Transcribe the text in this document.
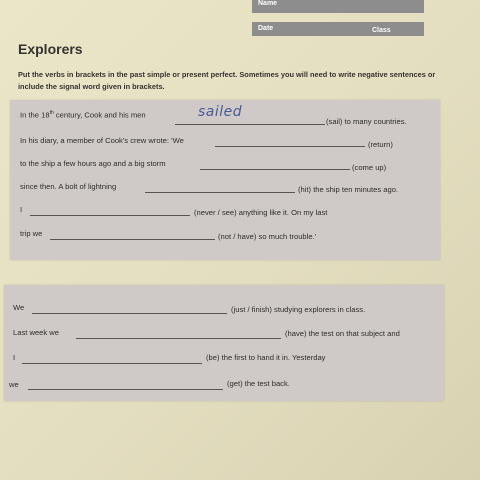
Name
Date	Class
Explorers
Put the verbs in brackets in the past simple or present perfect. Sometimes you will need to write negative sentences or include the signal word given in brackets.
In the 18th century, Cook and his men	sailed
(sail) to many countries.
In his diary, a member of Cook's crew wrote: 'We	(return)
to the ship a few hours ago and a big storm	(come up)
since then. A bolt of lightning	(hit) the ship ten minutes ago.
I	(never / see) anything like it. On my last
trip we	(not / have) so much trouble.'
We	(just / finish) studying explorers in class.
Last week we	(have) the test on that subject and
I	(be) the first to hand it in. Yesterday
we	(get) the test back.
